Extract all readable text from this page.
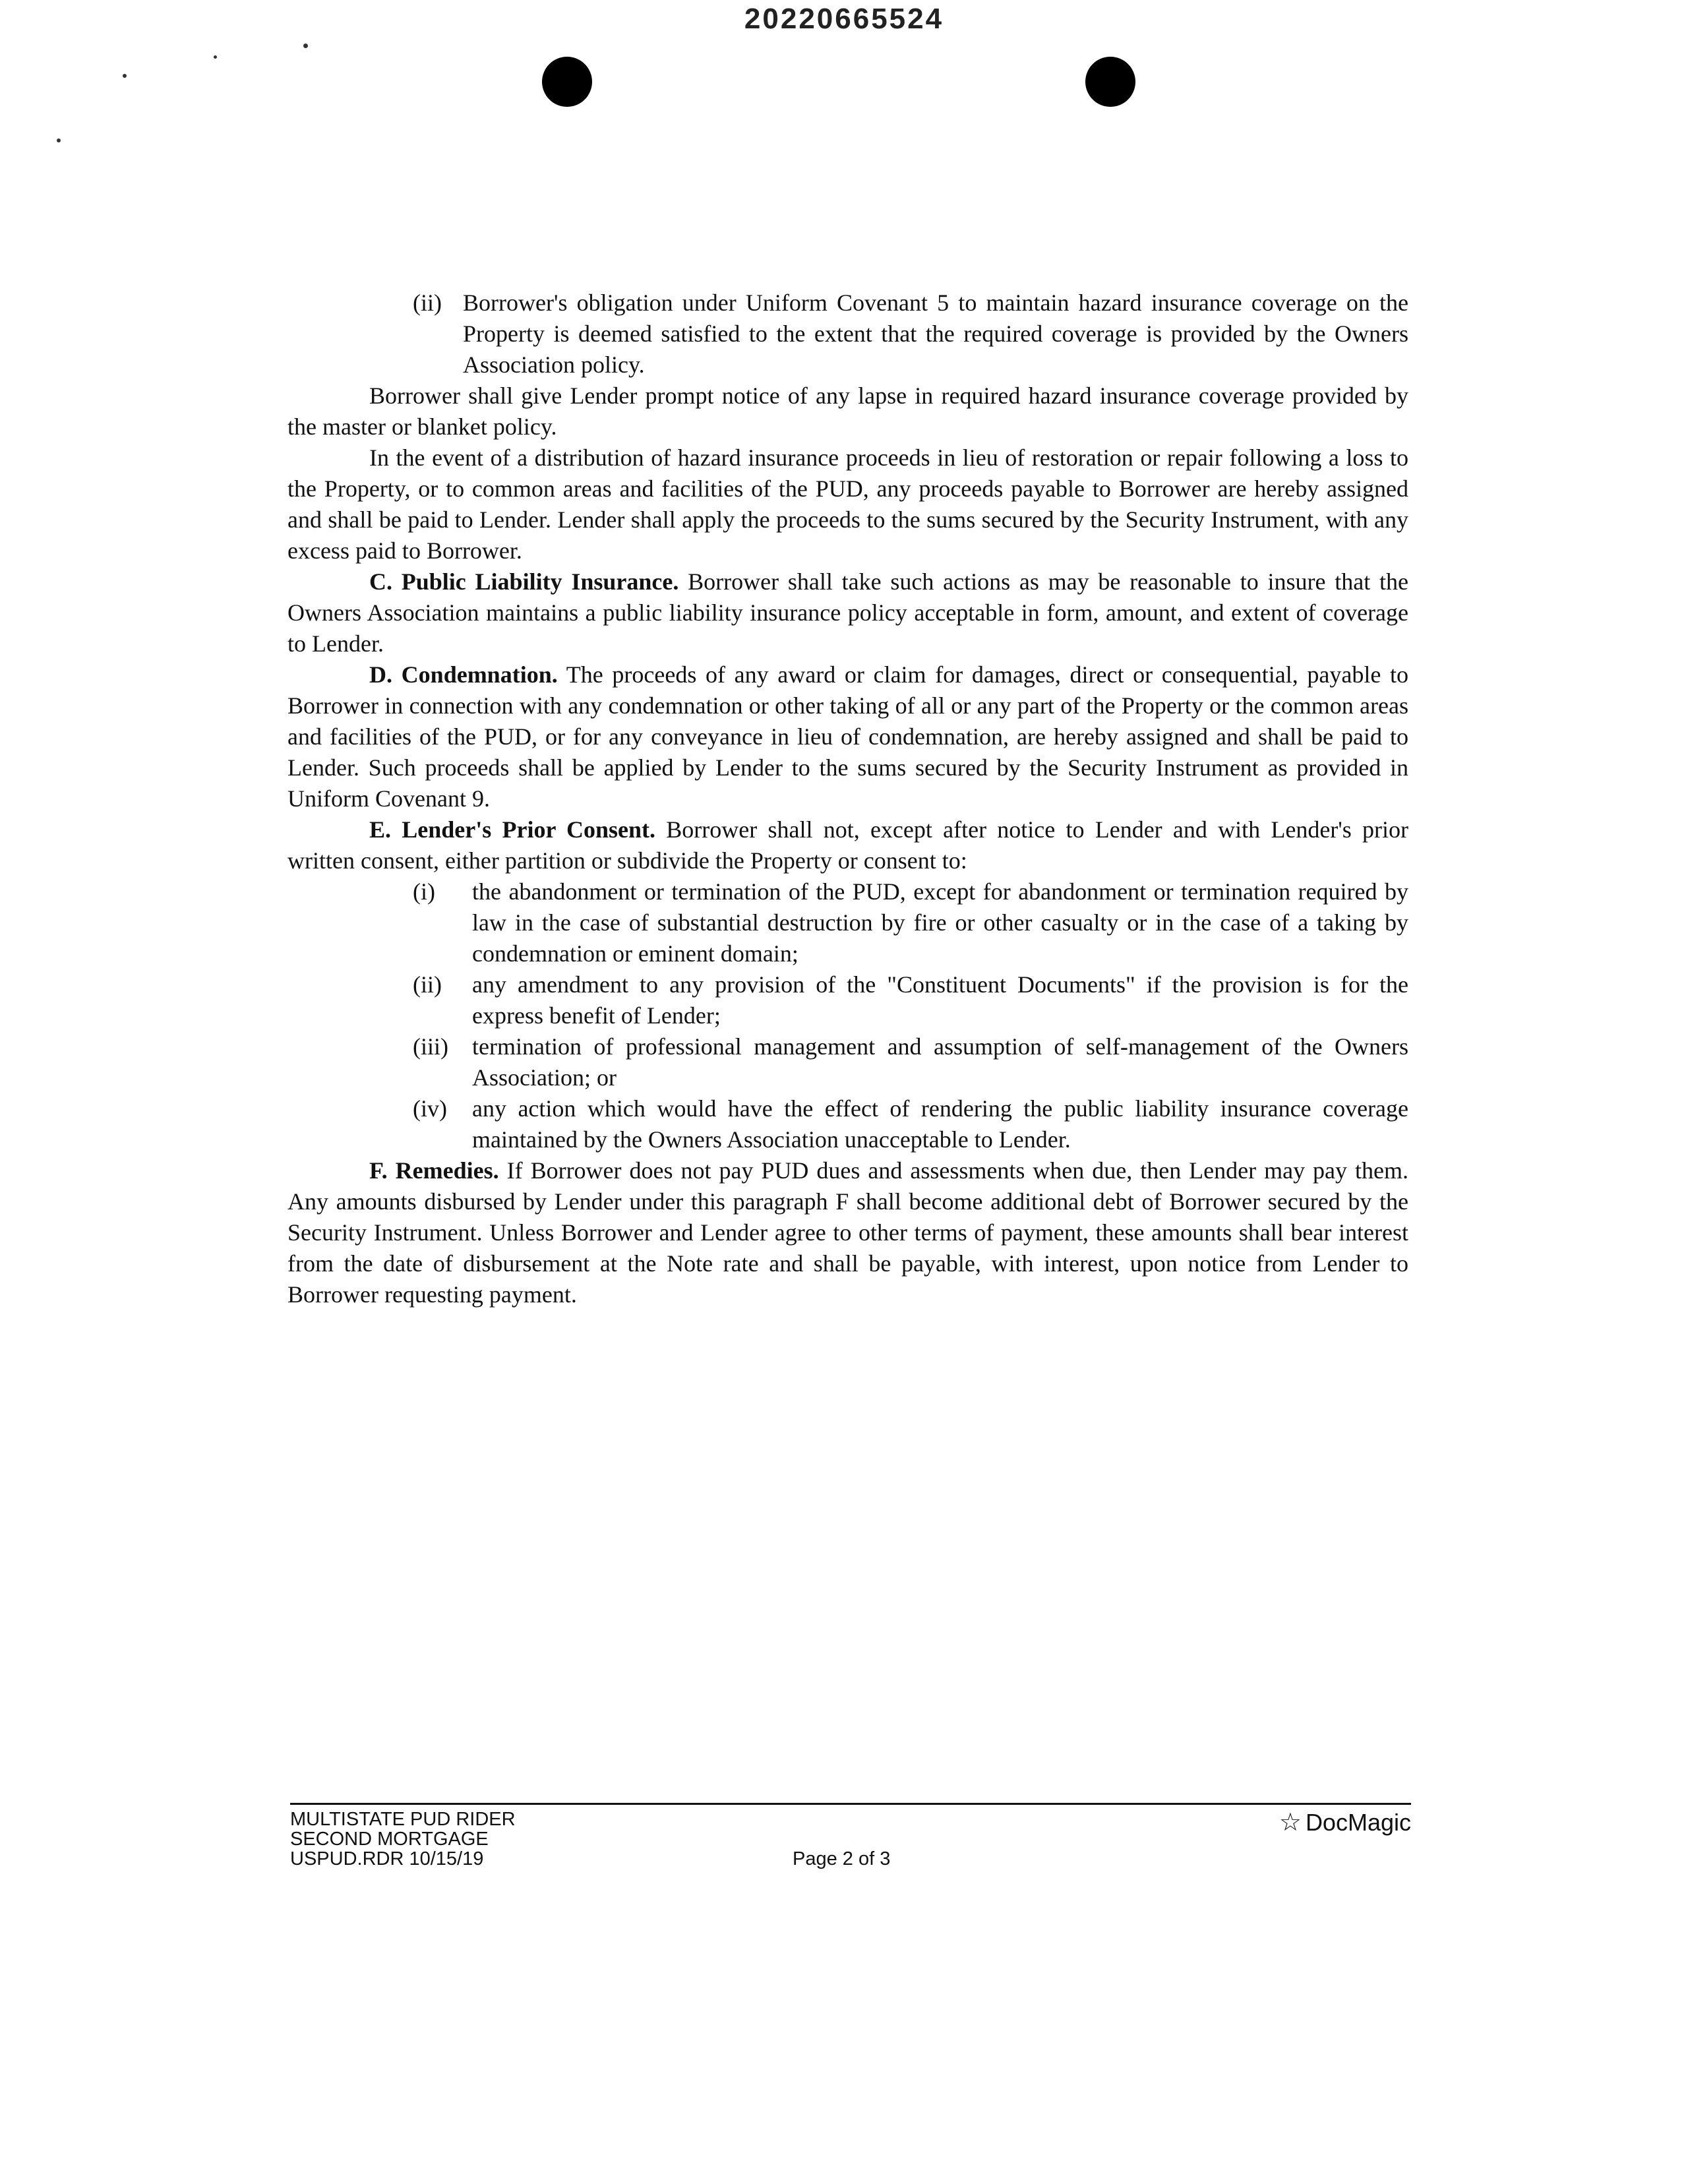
20220665524
(ii) Borrower's obligation under Uniform Covenant 5 to maintain hazard insurance coverage on the Property is deemed satisfied to the extent that the required coverage is provided by the Owners Association policy.

Borrower shall give Lender prompt notice of any lapse in required hazard insurance coverage provided by the master or blanket policy.

In the event of a distribution of hazard insurance proceeds in lieu of restoration or repair following a loss to the Property, or to common areas and facilities of the PUD, any proceeds payable to Borrower are hereby assigned and shall be paid to Lender. Lender shall apply the proceeds to the sums secured by the Security Instrument, with any excess paid to Borrower.

C. Public Liability Insurance. Borrower shall take such actions as may be reasonable to insure that the Owners Association maintains a public liability insurance policy acceptable in form, amount, and extent of coverage to Lender.

D. Condemnation. The proceeds of any award or claim for damages, direct or consequential, payable to Borrower in connection with any condemnation or other taking of all or any part of the Property or the common areas and facilities of the PUD, or for any conveyance in lieu of condemnation, are hereby assigned and shall be paid to Lender. Such proceeds shall be applied by Lender to the sums secured by the Security Instrument as provided in Uniform Covenant 9.

E. Lender's Prior Consent. Borrower shall not, except after notice to Lender and with Lender's prior written consent, either partition or subdivide the Property or consent to:

(i)	the abandonment or termination of the PUD, except for abandonment or termination required by law in the case of substantial destruction by fire or other casualty or in the case of a taking by condemnation or eminent domain;
(ii)	any amendment to any provision of the "Constituent Documents" if the provision is for the express benefit of Lender;
(iii)	termination of professional management and assumption of self-management of the Owners Association; or
(iv)	any action which would have the effect of rendering the public liability insurance coverage maintained by the Owners Association unacceptable to Lender.

F. Remedies. If Borrower does not pay PUD dues and assessments when due, then Lender may pay them. Any amounts disbursed by Lender under this paragraph F shall become additional debt of Borrower secured by the Security Instrument. Unless Borrower and Lender agree to other terms of payment, these amounts shall bear interest from the date of disbursement at the Note rate and shall be payable, with interest, upon notice from Lender to Borrower requesting payment.

MULTISTATE PUD RIDER
SECOND MORTGAGE
USPUD.RDR 10/15/19	Page 2 of 3
☆ DocMagic
